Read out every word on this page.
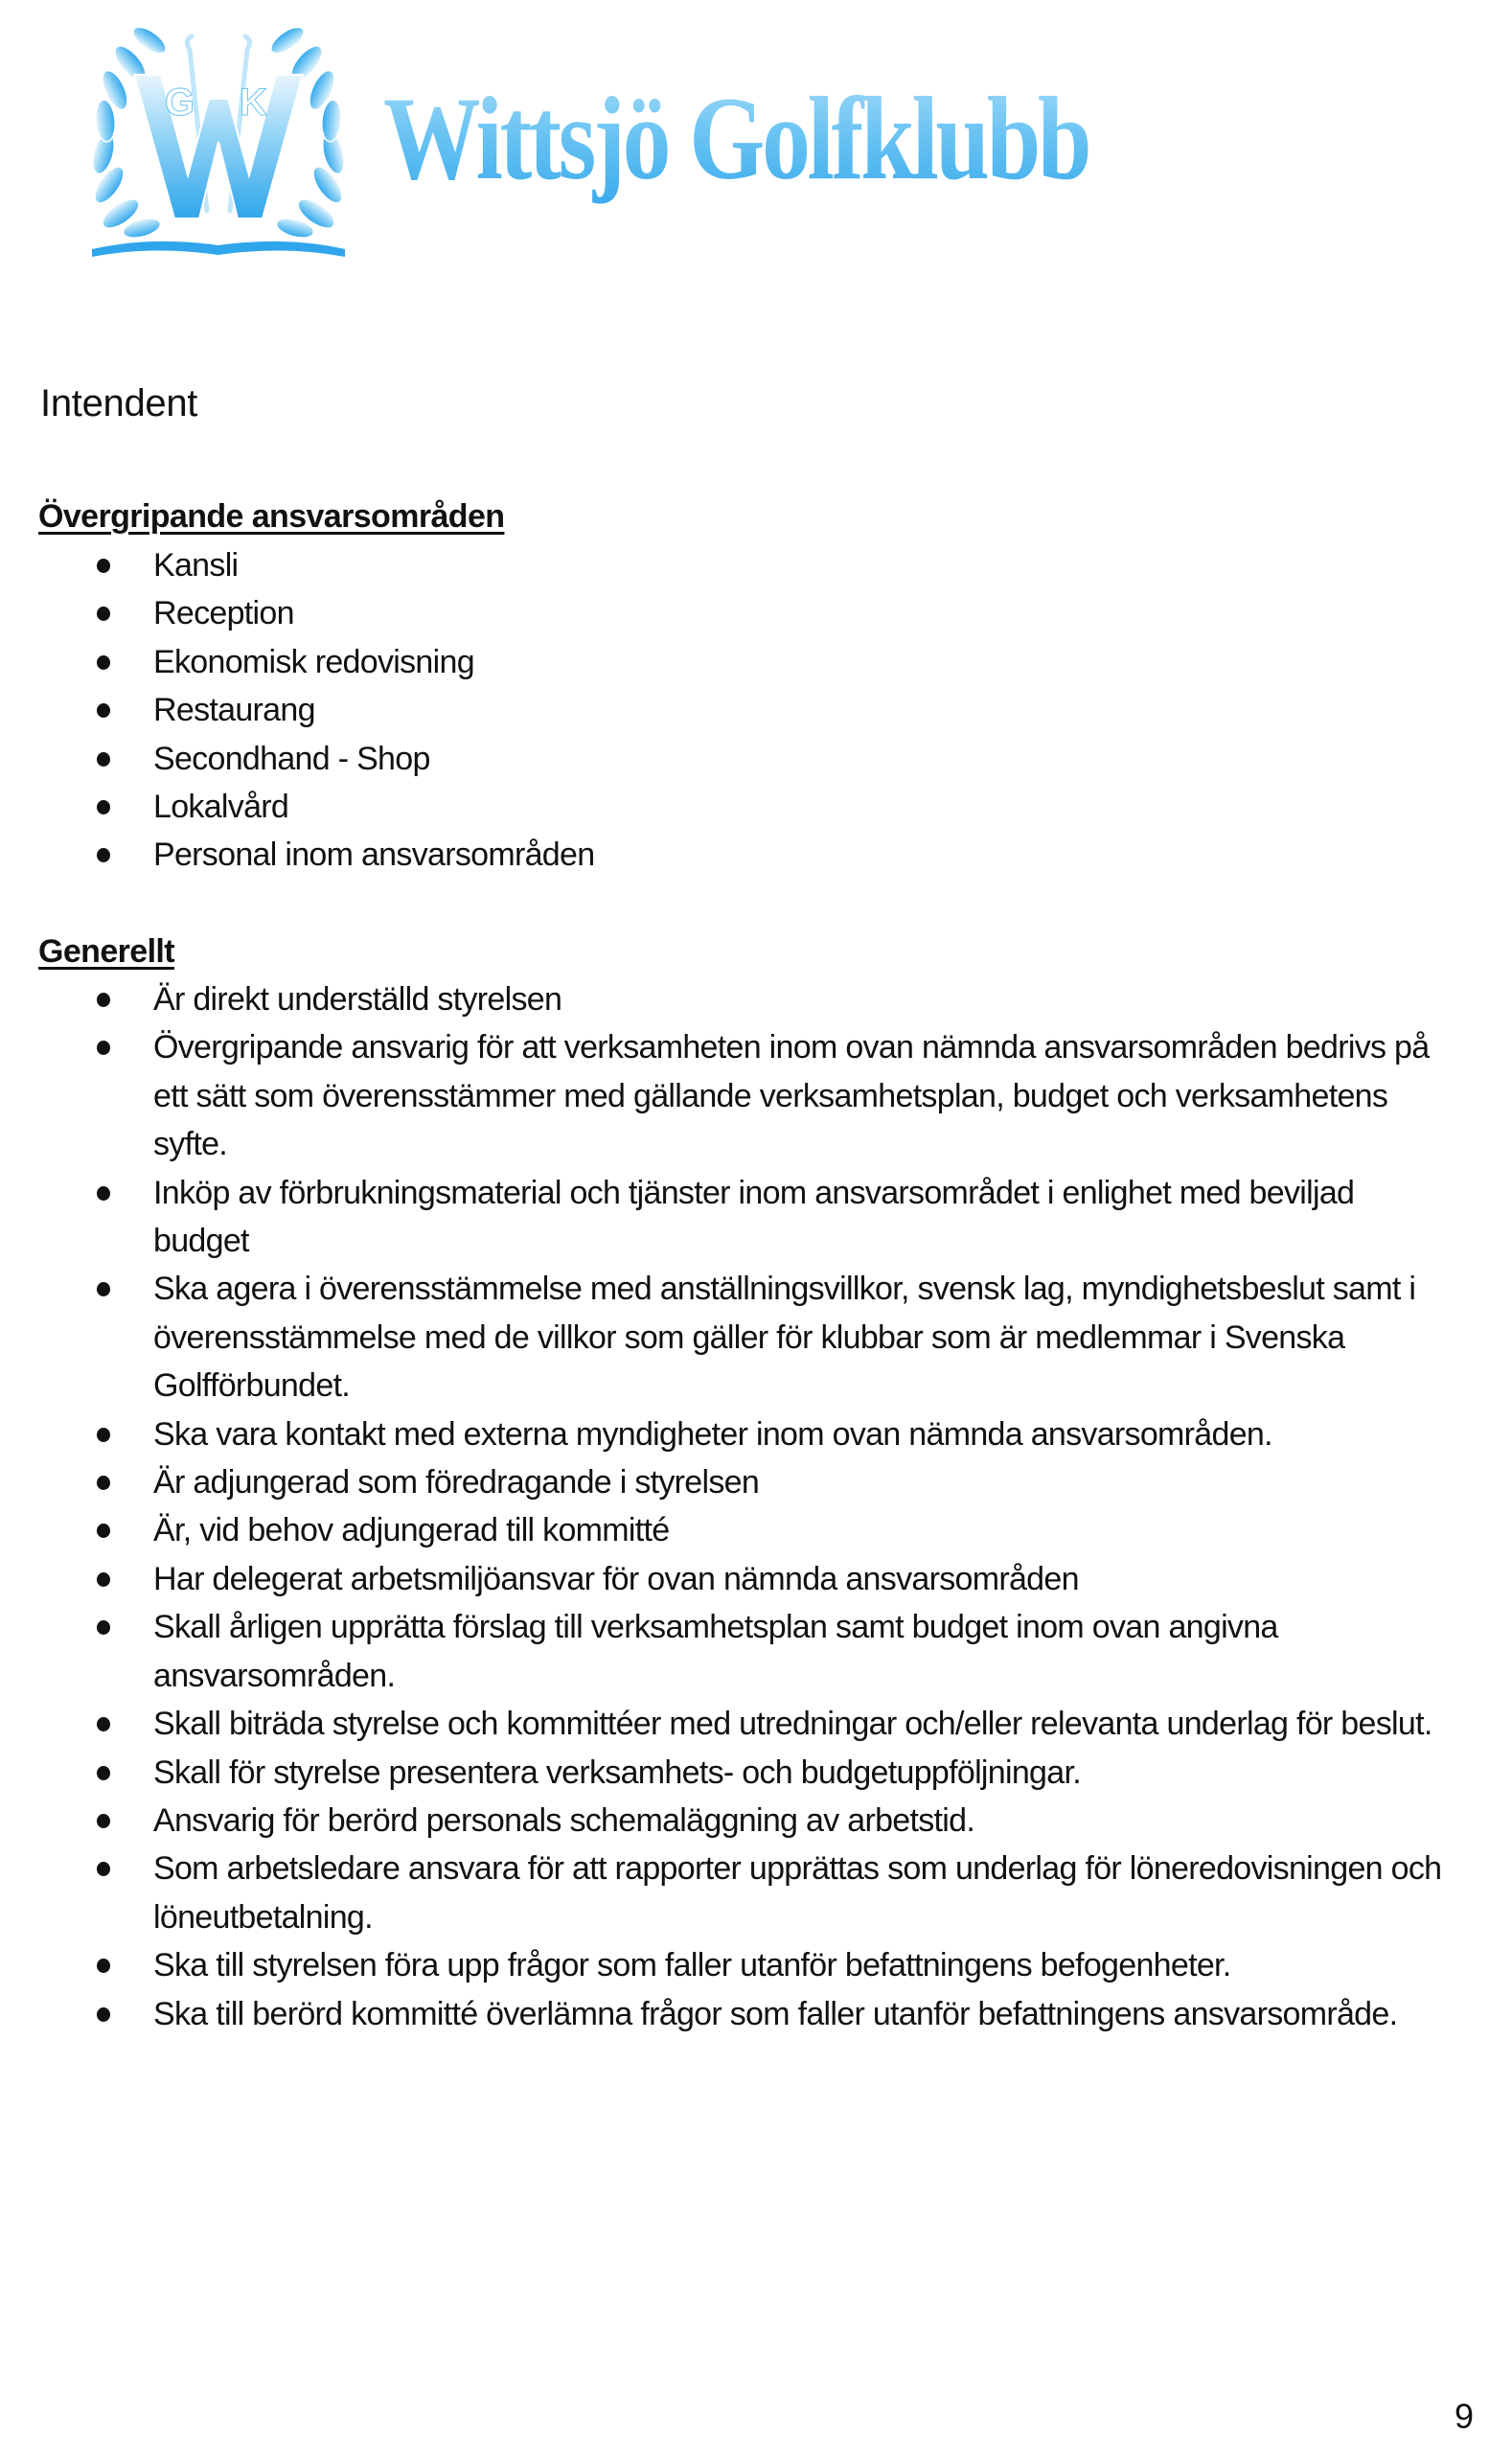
G K Wittsjö Golfklubb
Intendent
Övergripande ansvarsområden
Kansli
Reception
Ekonomisk redovisning
Restaurang
Secondhand - Shop
Lokalvård
Personal inom ansvarsområden
Generellt
Är direkt underställd styrelsen
Övergripande ansvarig för att verksamheten inom ovan nämnda ansvarsområden bedrivs på ett sätt som överensstämmer med gällande verksamhetsplan, budget och verksamhetens syfte.
Inköp av förbrukningsmaterial och tjänster inom ansvarsområdet i enlighet med beviljad budget
Ska agera i överensstämmelse med anställningsvillkor, svensk lag, myndighetsbeslut samt i överensstämmelse med de villkor som gäller för klubbar som är medlemmar i Svenska Golfförbundet.
Ska vara kontakt med externa myndigheter inom ovan nämnda ansvarsområden.
Är adjungerad som föredragande i styrelsen
Är, vid behov adjungerad till kommitté
Har delegerat arbetsmiljöansvar för ovan nämnda ansvarsområden
Skall årligen upprätta förslag till verksamhetsplan samt budget inom ovan angivna ansvarsområden.
Skall biträda styrelse och kommittéer med utredningar och/eller relevanta underlag för beslut.
Skall för styrelse presentera verksamhets- och budgetuppföljningar.
Ansvarig för berörd personals schemaläggning av arbetstid.
Som arbetsledare ansvara för att rapporter upprättas som underlag för löneredovisningen och löneutbetalning.
Ska till styrelsen föra upp frågor som faller utanför befattningens befogenheter.
Ska till berörd kommitté överlämna frågor som faller utanför befattningens ansvarsområde.
9
